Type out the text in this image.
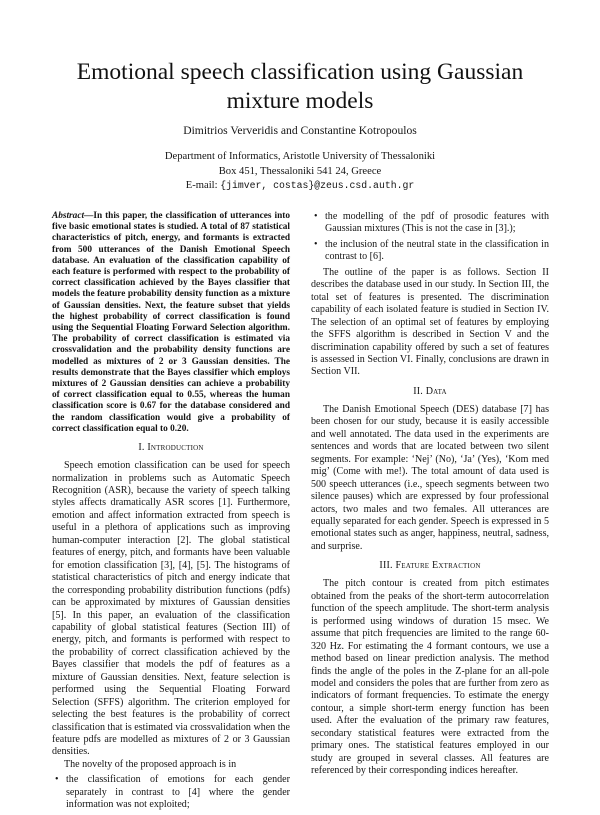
Emotional speech classification using Gaussian mixture models
Dimitrios Ververidis and Constantine Kotropoulos
Department of Informatics, Aristotle University of Thessaloniki
Box 451, Thessaloniki 541 24, Greece
E-mail: {jimver, costas}@zeus.csd.auth.gr
Abstract—In this paper, the classification of utterances into five basic emotional states is studied. A total of 87 statistical characteristics of pitch, energy, and formants is extracted from 500 utterances of the Danish Emotional Speech database. An evaluation of the classification capability of each feature is performed with respect to the probability of correct classification achieved by the Bayes classifier that models the feature probability density function as a mixture of Gaussian densities. Next, the feature subset that yields the highest probability of correct classification is found using the Sequential Floating Forward Selection algorithm. The probability of correct classification is estimated via crossvalidation and the probability density functions are modelled as mixtures of 2 or 3 Gaussian densities. The results demonstrate that the Bayes classifier which employs mixtures of 2 Gaussian densities can achieve a probability of correct classification equal to 0.55, whereas the human classification score is 0.67 for the database considered and the random classification would give a probability of correct classification equal to 0.20.
I. Introduction

Speech emotion classification can be used for speech normalization in problems such as Automatic Speech Recognition (ASR), because the variety of speech talking styles affects dramatically ASR scores [1]. Furthermore, emotion and affect information extracted from speech is useful in a plethora of applications such as improving human-computer interaction [2]. The global statistical features of energy, pitch, and formants have been valuable for emotion classification [3], [4], [5]. The histograms of statistical characteristics of pitch and energy indicate that the corresponding probability distribution functions (pdfs) can be approximated by mixtures of Gaussian densities [5]. In this paper, an evaluation of the classification capability of global statistical features (Section III) of energy, pitch, and formants is performed with respect to the probability of correct classification achieved by the Bayes classifier that models the pdf of features as a mixture of Gaussian densities. Next, feature selection is performed using the Sequential Floating Forward Selection (SFFS) algorithm. The criterion employed for selecting the best features is the probability of correct classification that is estimated via crossvalidation when the feature pdfs are modelled as mixtures of 2 or 3 Gaussian densities.

The novelty of the proposed approach is in

• the classification of emotions for each gender separately in contrast to [4] where the gender information was not exploited;
• the modelling of the pdf of prosodic features with Gaussian mixtures (This is not the case in [3].);
• the inclusion of the neutral state in the classification in contrast to [6].

The outline of the paper is as follows. Section II describes the database used in our study. In Section III, the total set of features is presented. The discrimination capability of each isolated feature is studied in Section IV. The selection of an optimal set of features by employing the SFFS algorithm is described in Section V and the discrimination capability offered by such a set of features is assessed in Section VI. Finally, conclusions are drawn in Section VII.

II. Data

The Danish Emotional Speech (DES) database [7] has been chosen for our study, because it is easily accessible and well annotated. The data used in the experiments are sentences and words that are located between two silent segments. For example: ‘Nej’ (No), ‘Ja’ (Yes), ‘Kom med mig’ (Come with me!). The total amount of data used is 500 speech utterances (i.e., speech segments between two silence pauses) which are expressed by four professional actors, two males and two females. All utterances are equally separated for each gender. Speech is expressed in 5 emotional states such as anger, happiness, neutral, sadness, and surprise.

III. Feature Extraction

The pitch contour is created from pitch estimates obtained from the peaks of the short-term autocorrelation function of the speech amplitude. The short-term analysis is performed using windows of duration 15 msec. We assume that pitch frequencies are limited to the range 60-320 Hz. For estimating the 4 formant contours, we use a method based on linear prediction analysis. The method finds the angle of the poles in the Z-plane for an all-pole model and considers the poles that are further from zero as indicators of formant frequencies. To estimate the energy contour, a simple short-term energy function has been used. After the evaluation of the primary raw features, secondary statistical features were extracted from the primary ones. The statistical features employed in our study are grouped in several classes. All features are referenced by their corresponding indices hereafter.
